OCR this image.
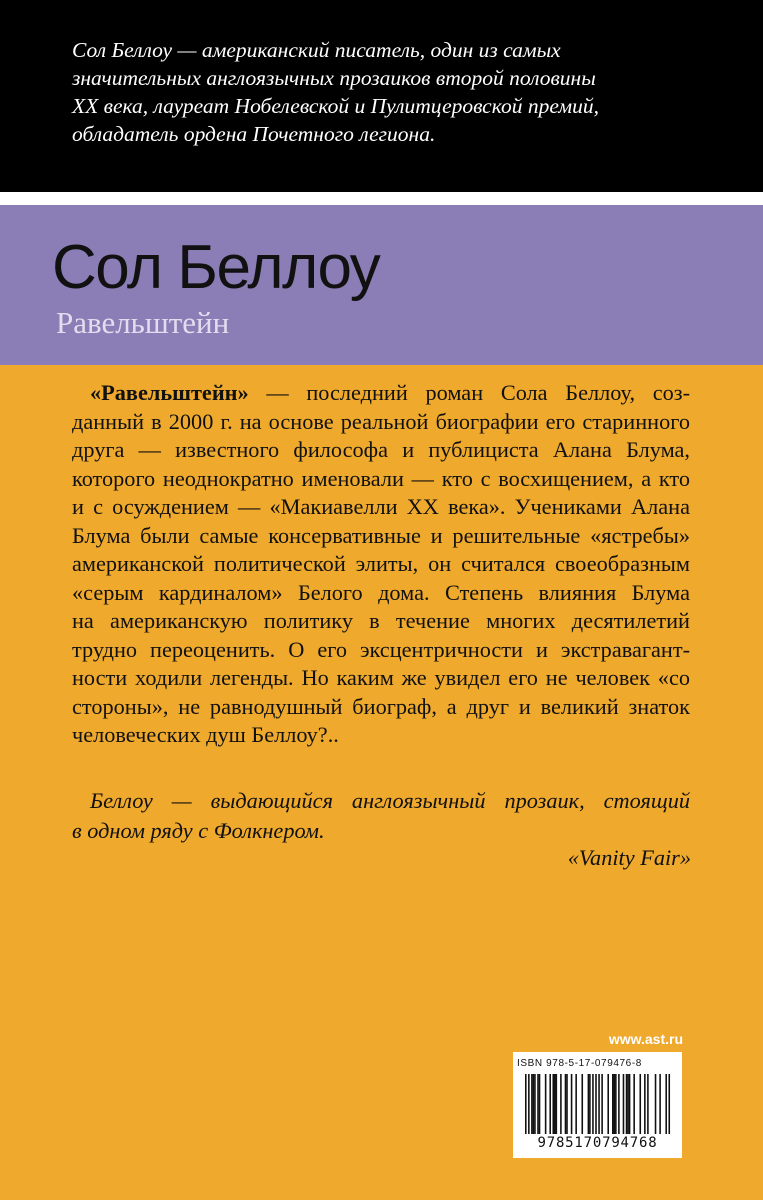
Сол Беллоу — американский писатель, один из самых
значительных англоязычных прозаиков второй половины
XX века, лауреат Нобелевской и Пулитцеровской премий,
обладатель ордена Почетного легиона.
Сол Беллоу
Равельштейн
«Равельштейн» — последний роман Сола Беллоу, соз-
данный в 2000 г. на основе реальной биографии его старинного
друга — известного философа и публициста Алана Блума,
которого неоднократно именовали — кто с восхищением, а кто
и с осуждением — «Макиавелли XX века». Учениками Алана
Блума были самые консервативные и решительные «ястребы»
американской политической элиты, он считался своеобразным
«серым кардиналом» Белого дома. Степень влияния Блума
на американскую политику в течение многих десятилетий
трудно переоценить. О его эксцентричности и экстравагант-
ности ходили легенды. Но каким же увидел его не человек «со
стороны», не равнодушный биограф, а друг и великий знаток
человеческих душ Беллоу?..
Беллоу — выдающийся англоязычный прозаик, стоящий
в одном ряду с Фолкнером.
«Vanity Fair»
www.ast.ru
ISBN 978-5-17-079476-8
9785170794768
